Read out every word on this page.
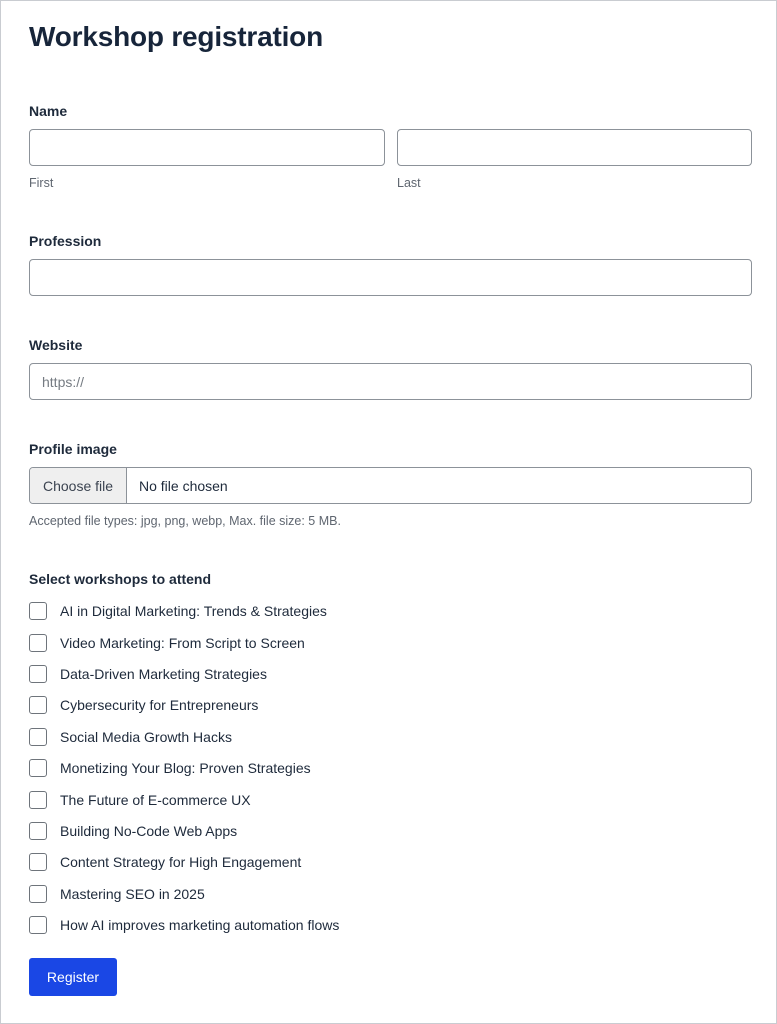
Workshop registration
Name
First	Last
Profession
Website
https://
Profile image
Choose file	No file chosen
Accepted file types: jpg, png, webp, Max. file size: 5 MB.
Select workshops to attend
AI in Digital Marketing: Trends & Strategies
Video Marketing: From Script to Screen
Data-Driven Marketing Strategies
Cybersecurity for Entrepreneurs
Social Media Growth Hacks
Monetizing Your Blog: Proven Strategies
The Future of E-commerce UX
Building No-Code Web Apps
Content Strategy for High Engagement
Mastering SEO in 2025
How AI improves marketing automation flows
Register
